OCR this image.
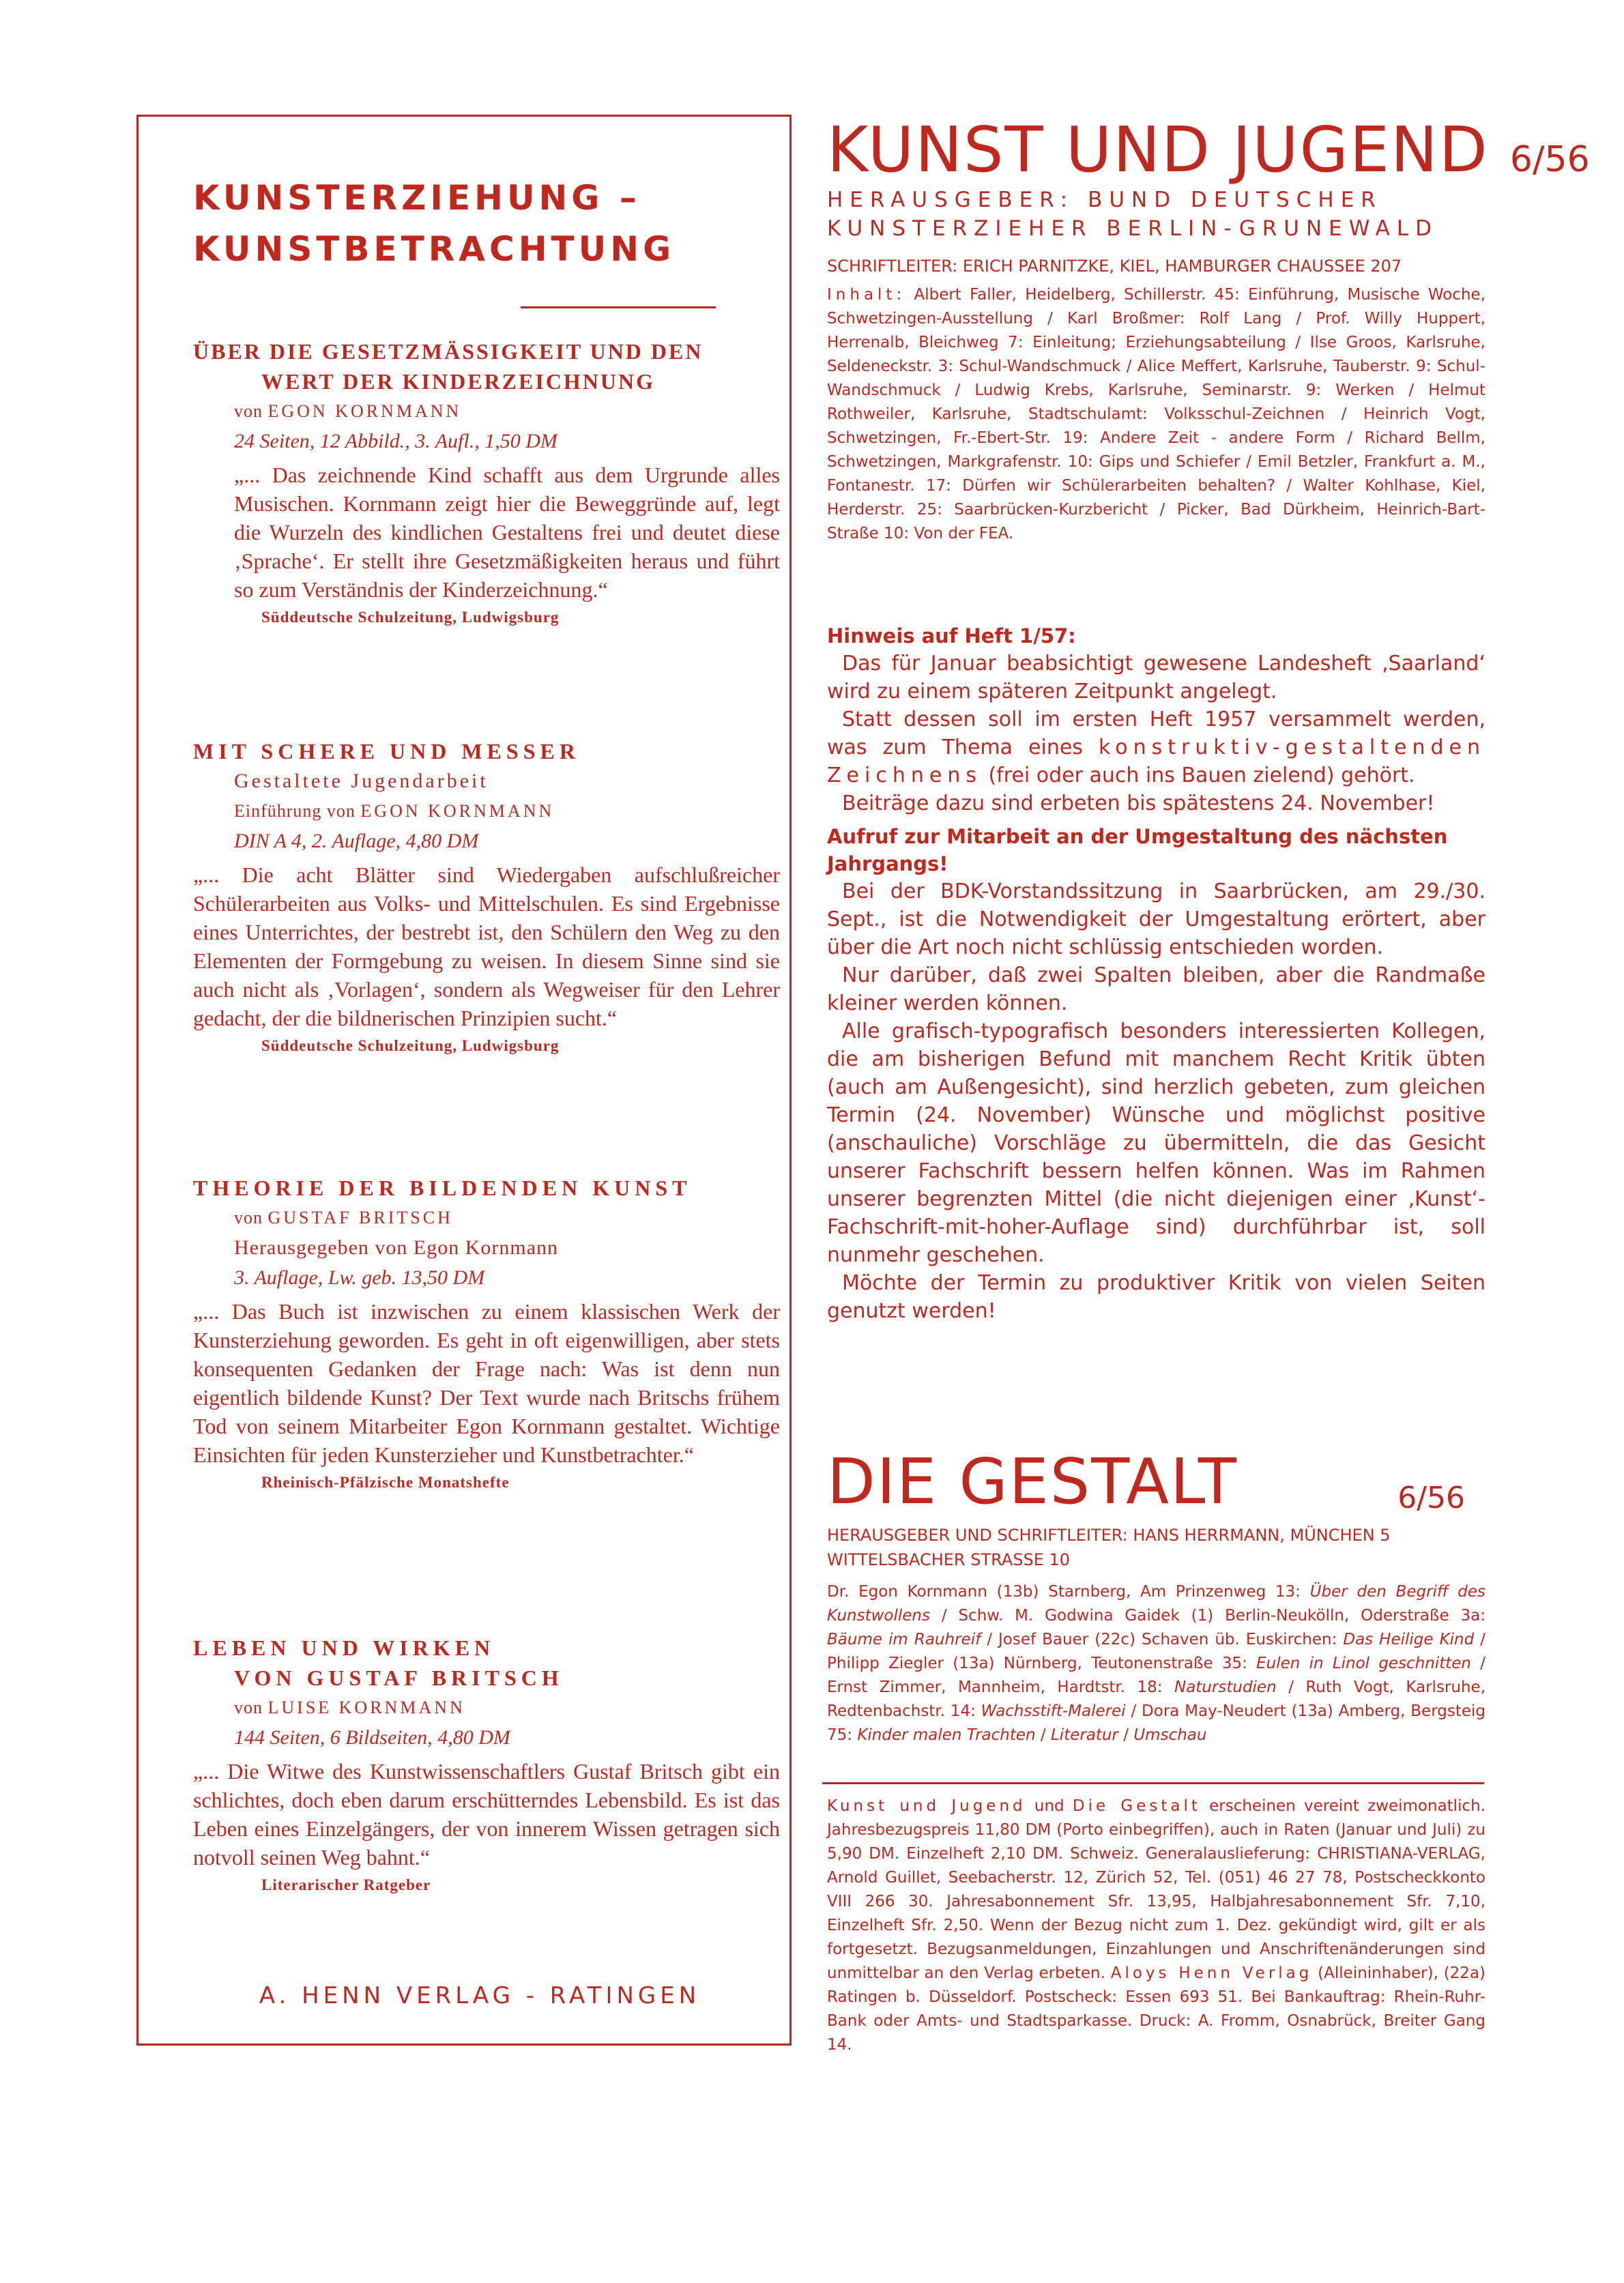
KUNSTERZIEHUNG –
KUNSTBETRACHTUNG
ÜBER DIE GESETZMÄSSIGKEIT UND DEN
WERT DER KINDERZEICHNUNG
von EGON KORNMANN
24 Seiten, 12 Abbild., 3. Aufl., 1,50 DM
„... Das zeichnende Kind schafft aus dem Urgrunde alles Musischen. Kornmann zeigt hier die Beweggründe auf, legt die Wurzeln des kindlichen Gestaltens frei und deutet diese ‚Sprache‘. Er stellt ihre Gesetzmäßigkeiten heraus und führt so zum Verständnis der Kinderzeichnung.“
Süddeutsche Schulzeitung, Ludwigsburg
MIT SCHERE UND MESSER
Gestaltete Jugendarbeit
Einführung von EGON KORNMANN
DIN A 4, 2. Auflage, 4,80 DM
„... Die acht Blätter sind Wiedergaben aufschlußreicher Schülerarbeiten aus Volks- und Mittelschulen. Es sind Ergebnisse eines Unterrichtes, der bestrebt ist, den Schülern den Weg zu den Elementen der Formgebung zu weisen. In diesem Sinne sind sie auch nicht als ‚Vorlagen‘, sondern als Wegweiser für den Lehrer gedacht, der die bildnerischen Prinzipien sucht.“
Süddeutsche Schulzeitung, Ludwigsburg
THEORIE DER BILDENDEN KUNST
von GUSTAF BRITSCH
Herausgegeben von Egon Kornmann
3. Auflage, Lw. geb. 13,50 DM
„... Das Buch ist inzwischen zu einem klassischen Werk der Kunsterziehung geworden. Es geht in oft eigenwilligen, aber stets konsequenten Gedanken der Frage nach: Was ist denn nun eigentlich bildende Kunst? Der Text wurde nach Britschs frühem Tod von seinem Mitarbeiter Egon Kornmann gestaltet. Wichtige Einsichten für jeden Kunsterzieher und Kunstbetrachter.“
Rheinisch-Pfälzische Monatshefte
LEBEN UND WIRKEN
VON GUSTAF BRITSCH
von LUISE KORNMANN
144 Seiten, 6 Bildseiten, 4,80 DM
„... Die Witwe des Kunstwissenschaftlers Gustaf Britsch gibt ein schlichtes, doch eben darum erschütterndes Lebensbild. Es ist das Leben eines Einzelgängers, der von innerem Wissen getragen sich notvoll seinen Weg bahnt.“
Literarischer Ratgeber
A. HENN VERLAG - RATINGEN
KUNST UND JUGEND 6/56
HERAUSGEBER: BUND DEUTSCHER
KUNSTERZIEHER BERLIN-GRUNEWALD
SCHRIFTLEITER: ERICH PARNITZKE, KIEL, HAMBURGER CHAUSSEE 207
Inhalt: Albert Faller, Heidelberg, Schillerstr. 45: Einführung, Musische Woche, Schwetzingen-Ausstellung / Karl Broßmer: Rolf Lang / Prof. Willy Huppert, Herrenalb, Bleichweg 7: Einleitung; Erziehungsabteilung / Ilse Groos, Karlsruhe, Seldeneckstr. 3: Schul-Wandschmuck / Alice Meffert, Karlsruhe, Tauberstr. 9: Schul-Wandschmuck / Ludwig Krebs, Karlsruhe, Seminarstr. 9: Werken / Helmut Rothweiler, Karlsruhe, Stadtschulamt: Volksschul-Zeichnen / Heinrich Vogt, Schwetzingen, Fr.-Ebert-Str. 19: Andere Zeit - andere Form / Richard Bellm, Schwetzingen, Markgrafenstr. 10: Gips und Schiefer / Emil Betzler, Frankfurt a. M., Fontanestr. 17: Dürfen wir Schülerarbeiten behalten? / Walter Kohlhase, Kiel, Herderstr. 25: Saarbrücken-Kurzbericht / Picker, Bad Dürkheim, Heinrich-Bart-Straße 10: Von der FEA.
Hinweis auf Heft 1/57:
Das für Januar beabsichtigt gewesene Landesheft ‚Saarland‘ wird zu einem späteren Zeitpunkt angelegt.
Statt dessen soll im ersten Heft 1957 versammelt werden, was zum Thema eines konstruktiv-gestaltenden Zeichnens (frei oder auch ins Bauen zielend) gehört.
Beiträge dazu sind erbeten bis spätestens 24. November!
Aufruf zur Mitarbeit an der Umgestaltung des nächsten Jahrgangs!
Bei der BDK-Vorstandssitzung in Saarbrücken, am 29./30. Sept., ist die Notwendigkeit der Umgestaltung erörtert, aber über die Art noch nicht schlüssig entschieden worden.
Nur darüber, daß zwei Spalten bleiben, aber die Randmaße kleiner werden können.
Alle grafisch-typografisch besonders interessierten Kollegen, die am bisherigen Befund mit manchem Recht Kritik übten (auch am Außengesicht), sind herzlich gebeten, zum gleichen Termin (24. November) Wünsche und möglichst positive (anschauliche) Vorschläge zu übermitteln, die das Gesicht unserer Fachschrift bessern helfen können. Was im Rahmen unserer begrenzten Mittel (die nicht diejenigen einer ‚Kunst‘-Fachschrift-mit-hoher-Auflage sind) durchführbar ist, soll nunmehr geschehen.
Möchte der Termin zu produktiver Kritik von vielen Seiten genutzt werden!
DIE GESTALT	6/56
HERAUSGEBER UND SCHRIFTLEITER: HANS HERRMANN, MÜNCHEN 5
WITTELSBACHER STRASSE 10
Dr. Egon Kornmann (13b) Starnberg, Am Prinzenweg 13: Über den Begriff des Kunstwollens / Schw. M. Godwina Gaidek (1) Berlin-Neukölln, Oderstraße 3a: Bäume im Rauhreif / Josef Bauer (22c) Schaven üb. Euskirchen: Das Heilige Kind / Philipp Ziegler (13a) Nürnberg, Teutonenstraße 35: Eulen in Linol geschnitten / Ernst Zimmer, Mannheim, Hardtstr. 18: Naturstudien / Ruth Vogt, Karlsruhe, Redtenbachstr. 14: Wachsstift-Malerei / Dora May-Neudert (13a) Amberg, Bergsteig 75: Kinder malen Trachten / Literatur / Umschau
Kunst und Jugend und Die Gestalt erscheinen vereint zweimonatlich. Jahresbezugspreis 11,80 DM (Porto einbegriffen), auch in Raten (Januar und Juli) zu 5,90 DM. Einzelheft 2,10 DM. Schweiz. Generalauslieferung: CHRISTIANA-VERLAG, Arnold Guillet, Seebacherstr. 12, Zürich 52, Tel. (051) 46 27 78, Postscheckkonto VIII 266 30. Jahresabonnement Sfr. 13,95, Halbjahresabonnement Sfr. 7,10, Einzelheft Sfr. 2,50. Wenn der Bezug nicht zum 1. Dez. gekündigt wird, gilt er als fortgesetzt. Bezugsanmeldungen, Einzahlungen und Anschriftenänderungen sind unmittelbar an den Verlag erbeten. Aloys Henn Verlag (Alleininhaber), (22a) Ratingen b. Düsseldorf. Postscheck: Essen 693 51. Bei Bankauftrag: Rhein-Ruhr-Bank oder Amts- und Stadtsparkasse. Druck: A. Fromm, Osnabrück, Breiter Gang 14.
